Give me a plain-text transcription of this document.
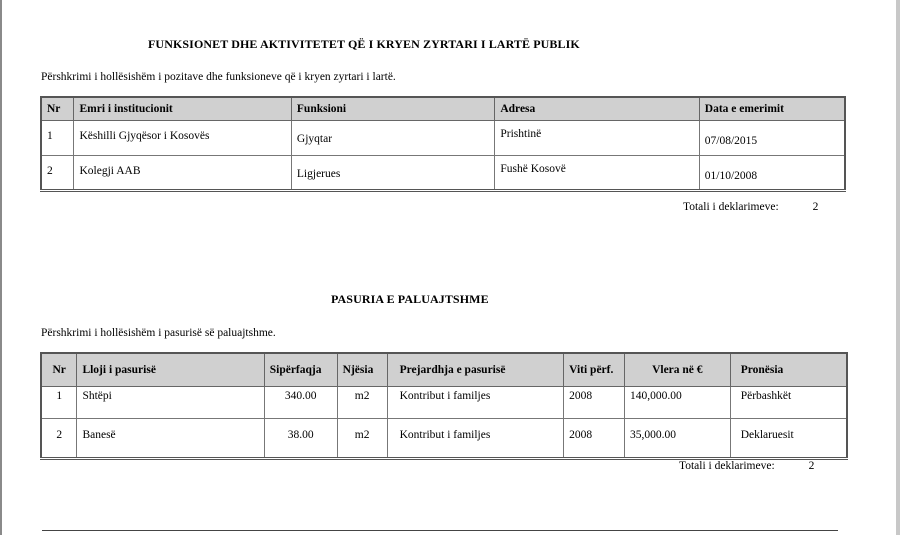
FUNKSIONET DHE AKTIVITETET QË I KRYEN ZYRTARI I LARTË PUBLIK
Përshkrimi i hollësishëm i pozitave dhe funksioneve që i kryen zyrtari i lartë.
Nr	Emri i institucionit	Funksioni	Adresa	Data e emerimit
1	Këshilli Gjyqësor i Kosovës	Gjyqtar	Prishtinë	07/08/2015
2	Kolegji AAB	Ligjerues	Fushë Kosovë	01/10/2008
Totali i deklarimeve:	2
PASURIA E PALUAJTSHME
Përshkrimi i hollësishëm i pasurisë së paluajtshme.
Nr	Lloji i pasurisë	Sipërfaqja	Njësia	Prejardhja e pasurisë	Viti përf.	Vlera në €	Pronësia
1	Shtëpi	340.00	m2	Kontribut i familjes	2008	140,000.00	Përbashkët
2	Banesë	38.00	m2	Kontribut i familjes	2008	35,000.00	Deklaruesit
Totali i deklarimeve:	2
